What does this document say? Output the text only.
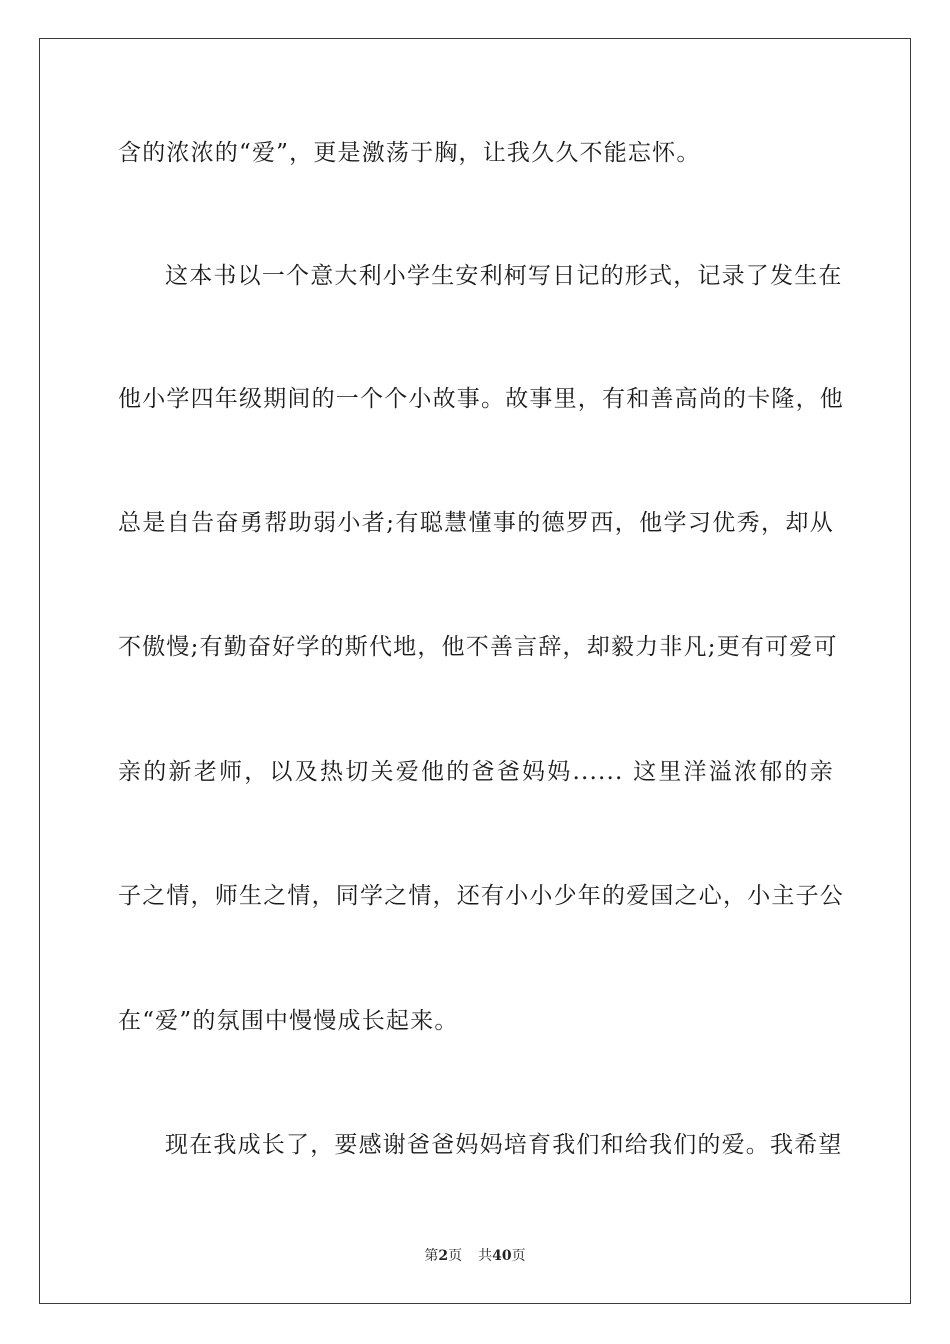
含的浓浓的“爱”，更是激荡于胸，让我久久不能忘怀。
这本书以一个意大利小学生安利柯写日记的形式，记录了发生在
他小学四年级期间的一个个小故事。故事里，有和善高尚的卡隆，他
总是自告奋勇帮助弱小者;有聪慧懂事的德罗西，他学习优秀，却从
不傲慢;有勤奋好学的斯代地，他不善言辞，却毅力非凡;更有可爱可
亲的新老师，以及热切关爱他的爸爸妈妈...... 这里洋溢浓郁的亲
子之情，师生之情，同学之情，还有小小少年的爱国之心，小主子公
在“爱”的氛围中慢慢成长起来。
现在我成长了，要感谢爸爸妈妈培育我们和给我们的爱。我希望
第2页 共40页
